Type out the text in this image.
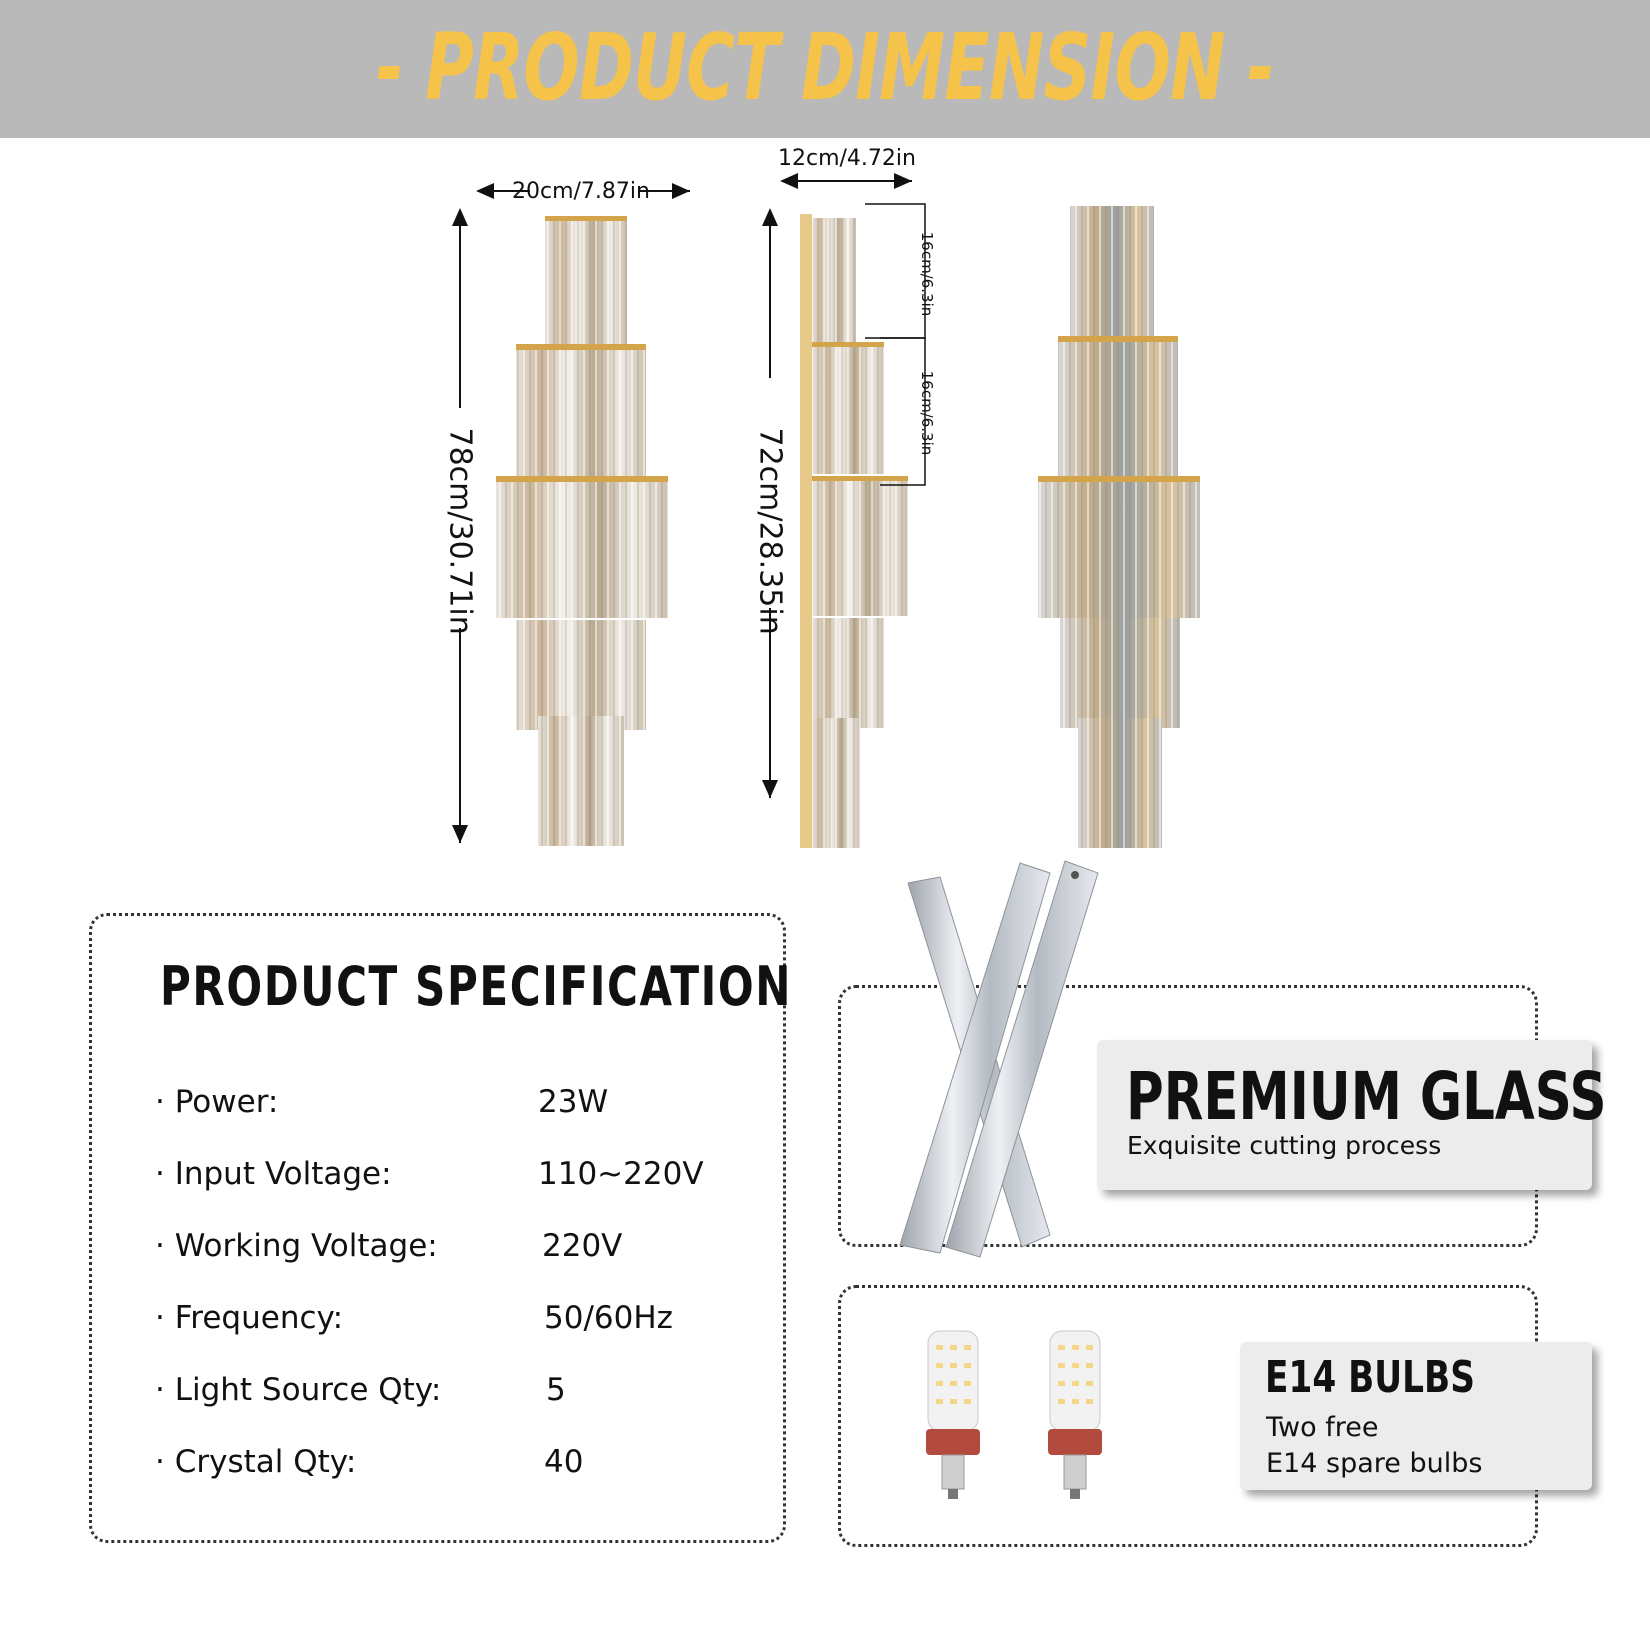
- PRODUCT DIMENSION -
20cm/7.87in
12cm/4.72in
78cm/30.71in	72cm/28.35in
16cm/6.3in
16cm/6.3in
PRODUCT SPECIFICATION
· Power:	23W
· Input Voltage:	110~220V
· Working Voltage:	220V
· Frequency:	50/60Hz
· Light Source Qty:	5
· Crystal Qty:	40
PREMIUM GLASS
Exquisite cutting process
E14 BULBS
Two free
E14 spare bulbs
